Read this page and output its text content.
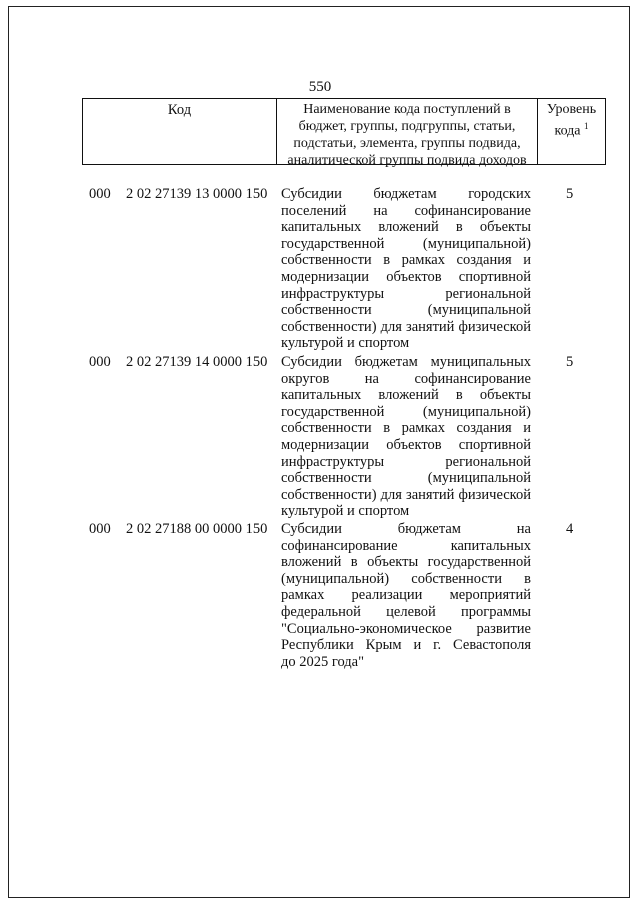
550
Код	Наименование кода поступлений в
бюджет, группы, подгруппы, статьи,
подстатьи, элемента, группы подвида,
аналитической группы подвида доходов
Уровень
кода $^1$
000 2 02 27139 13 0000 150 Субсидии бюджетам городских
поселений на софинансирование
капитальных вложений в объекты
государственной (муниципальной)
собственности в рамках создания и
модернизации объектов спортивной
инфраструктуры региональной
собственности (муниципальной
собственности) для занятий физической
культурой и спортом
5
000 2 02 27139 14 0000 150 Субсидии бюджетам муниципальных
округов на софинансирование
капитальных вложений в объекты
государственной (муниципальной)
собственности в рамках создания и
модернизации объектов спортивной
инфраструктуры региональной
собственности (муниципальной
собственности) для занятий физической
культурой и спортом
5
000 2 02 27188 00 0000 150 Субсидии бюджетам на
софинансирование капитальных
вложений в объекты государственной
(муниципальной) собственности в
рамках реализации мероприятий
федеральной целевой программы
"Социально-экономическое развитие
Республики Крым и г. Севастополя
до 2025 года"
4
